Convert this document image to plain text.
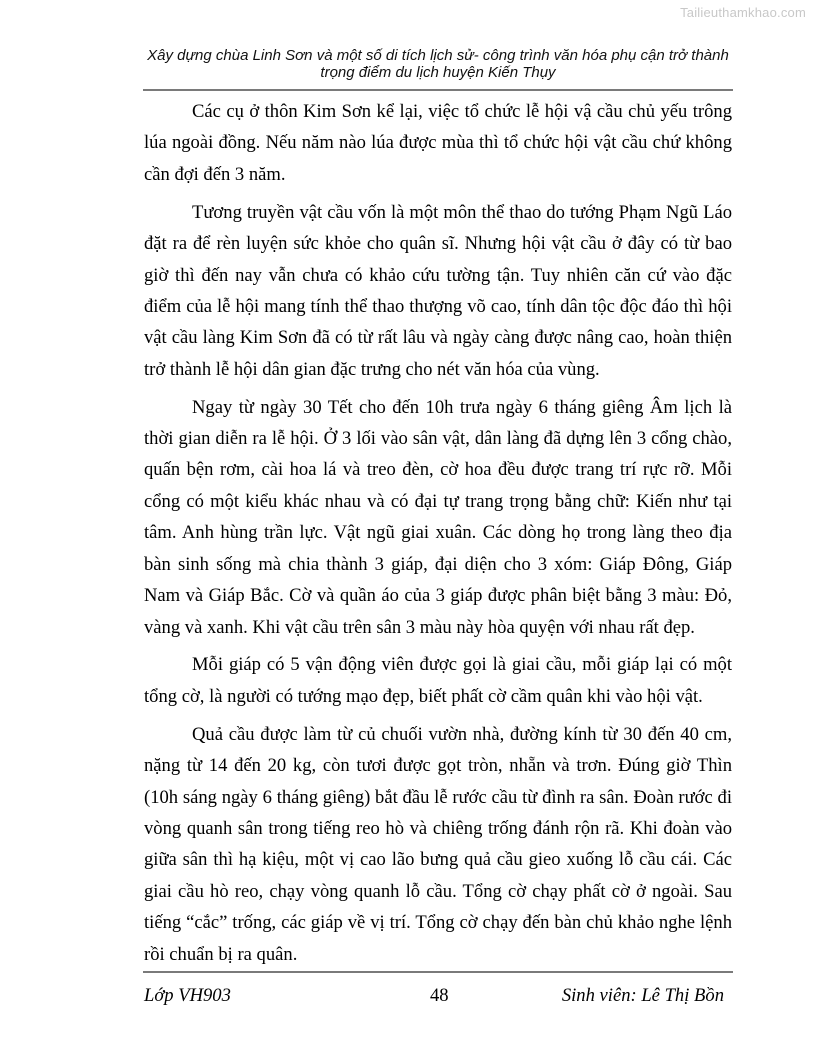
Tailieuthamkhao.com
Xây dựng chùa Linh Sơn và một số di tích lịch sử- công trình văn hóa phụ cận trở thành trọng điểm du lịch huyện Kiến Thụy

Các cụ ở thôn Kim Sơn kể lại, việc tổ chức lễ hội vậ cầu chủ yếu trông lúa ngoài đồng. Nếu năm nào lúa được mùa thì tổ chức hội vật cầu chứ không cần đợi đến 3 năm.

Tương truyền vật cầu vốn là một môn thể thao do tướng Phạm Ngũ Láo đặt ra để rèn luyện sức khỏe cho quân sĩ. Nhưng hội vật cầu ở đây có từ bao giờ thì đến nay vẫn chưa có khảo cứu tường tận. Tuy nhiên căn cứ vào đặc điểm của lễ hội mang tính thể thao thượng võ cao, tính dân tộc độc đáo thì hội vật cầu làng Kim Sơn đã có từ rất lâu và ngày càng được nâng cao, hoàn thiện trở thành lễ hội dân gian đặc trưng cho nét văn hóa của vùng.

Ngay từ ngày 30 Tết cho đến 10h trưa ngày 6 tháng giêng Âm lịch là thời gian diễn ra lễ hội. Ở 3 lối vào sân vật, dân làng đã dựng lên 3 cổng chào, quấn bện rơm, cài hoa lá và treo đèn, cờ hoa đều được trang trí rực rỡ. Mỗi cổng có một kiểu khác nhau và có đại tự trang trọng bằng chữ: Kiến như tại tâm. Anh hùng trần lực. Vật ngũ giai xuân. Các dòng họ trong làng theo địa bàn sinh sống mà chia thành 3 giáp, đại diện cho 3 xóm: Giáp Đông, Giáp Nam và Giáp Bắc. Cờ và quần áo của 3 giáp được phân biệt bằng 3 màu: Đỏ, vàng và xanh. Khi vật cầu trên sân 3 màu này hòa quyện với nhau rất đẹp.

Mỗi giáp có 5 vận động viên được gọi là giai cầu, mỗi giáp lại có một tổng cờ, là người có tướng mạo đẹp, biết phất cờ cầm quân khi vào hội vật.

Quả cầu được làm từ củ chuối vườn nhà, đường kính từ 30 đến 40 cm, nặng từ 14 đến 20 kg, còn tươi được gọt tròn, nhẵn và trơn. Đúng giờ Thìn (10h sáng ngày 6 tháng giêng) bắt đầu lễ rước cầu từ đình ra sân. Đoàn rước đi vòng quanh sân trong tiếng reo hò và chiêng trống đánh rộn rã. Khi đoàn vào giữa sân thì hạ kiệu, một vị cao lão bưng quả cầu gieo xuống lỗ cầu cái. Các giai cầu hò reo, chạy vòng quanh lỗ cầu. Tổng cờ chạy phất cờ ở ngoài. Sau tiếng “cắc” trống, các giáp về vị trí. Tổng cờ chạy đến bàn chủ khảo nghe lệnh rồi chuẩn bị ra quân.

Lớp VH903	48	Sinh viên: Lê Thị Bồn
